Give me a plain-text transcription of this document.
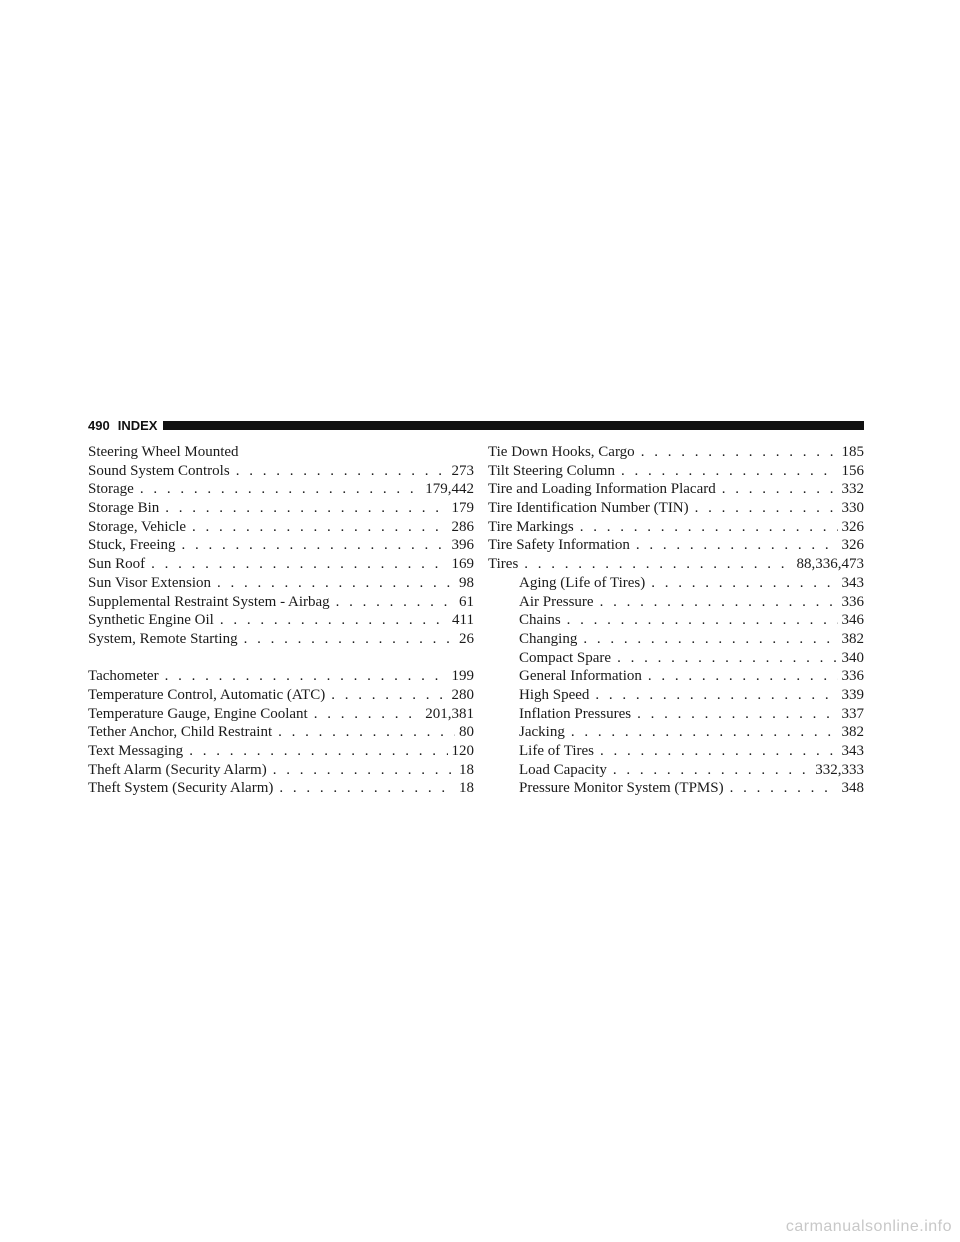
490 INDEX
Steering Wheel Mounted
Sound System Controls . . .	273
Storage . . .	179,442
Storage Bin . . .	179
Storage, Vehicle . . .	286
Stuck, Freeing . . .	396
Sun Roof . . .	169
Sun Visor Extension . . .	98
Supplemental Restraint System - Airbag . . .	61
Synthetic Engine Oil . . .	411
System, Remote Starting . . .	26
Tachometer . . .	199
Temperature Control, Automatic (ATC) . . .	280
Temperature Gauge, Engine Coolant . . .	201,381
Tether Anchor, Child Restraint . . .	80
Text Messaging . . .	120
Theft Alarm (Security Alarm) . . .	18
Theft System (Security Alarm) . . .	18
Tie Down Hooks, Cargo . . .	185
Tilt Steering Column . . .	156
Tire and Loading Information Placard . . .	332
Tire Identification Number (TIN) . . .	330
Tire Markings . . .	326
Tire Safety Information . . .	326
Tires . . .	88,336,473
Aging (Life of Tires) . . .	343
Air Pressure . . .	336
Chains . . .	346
Changing . . .	382
Compact Spare . . .	340
General Information . . .	336
High Speed . . .	339
Inflation Pressures . . .	337
Jacking . . .	382
Life of Tires . . .	343
Load Capacity . . .	332,333
Pressure Monitor System (TPMS) . . .	348
carmanualsonline.info
